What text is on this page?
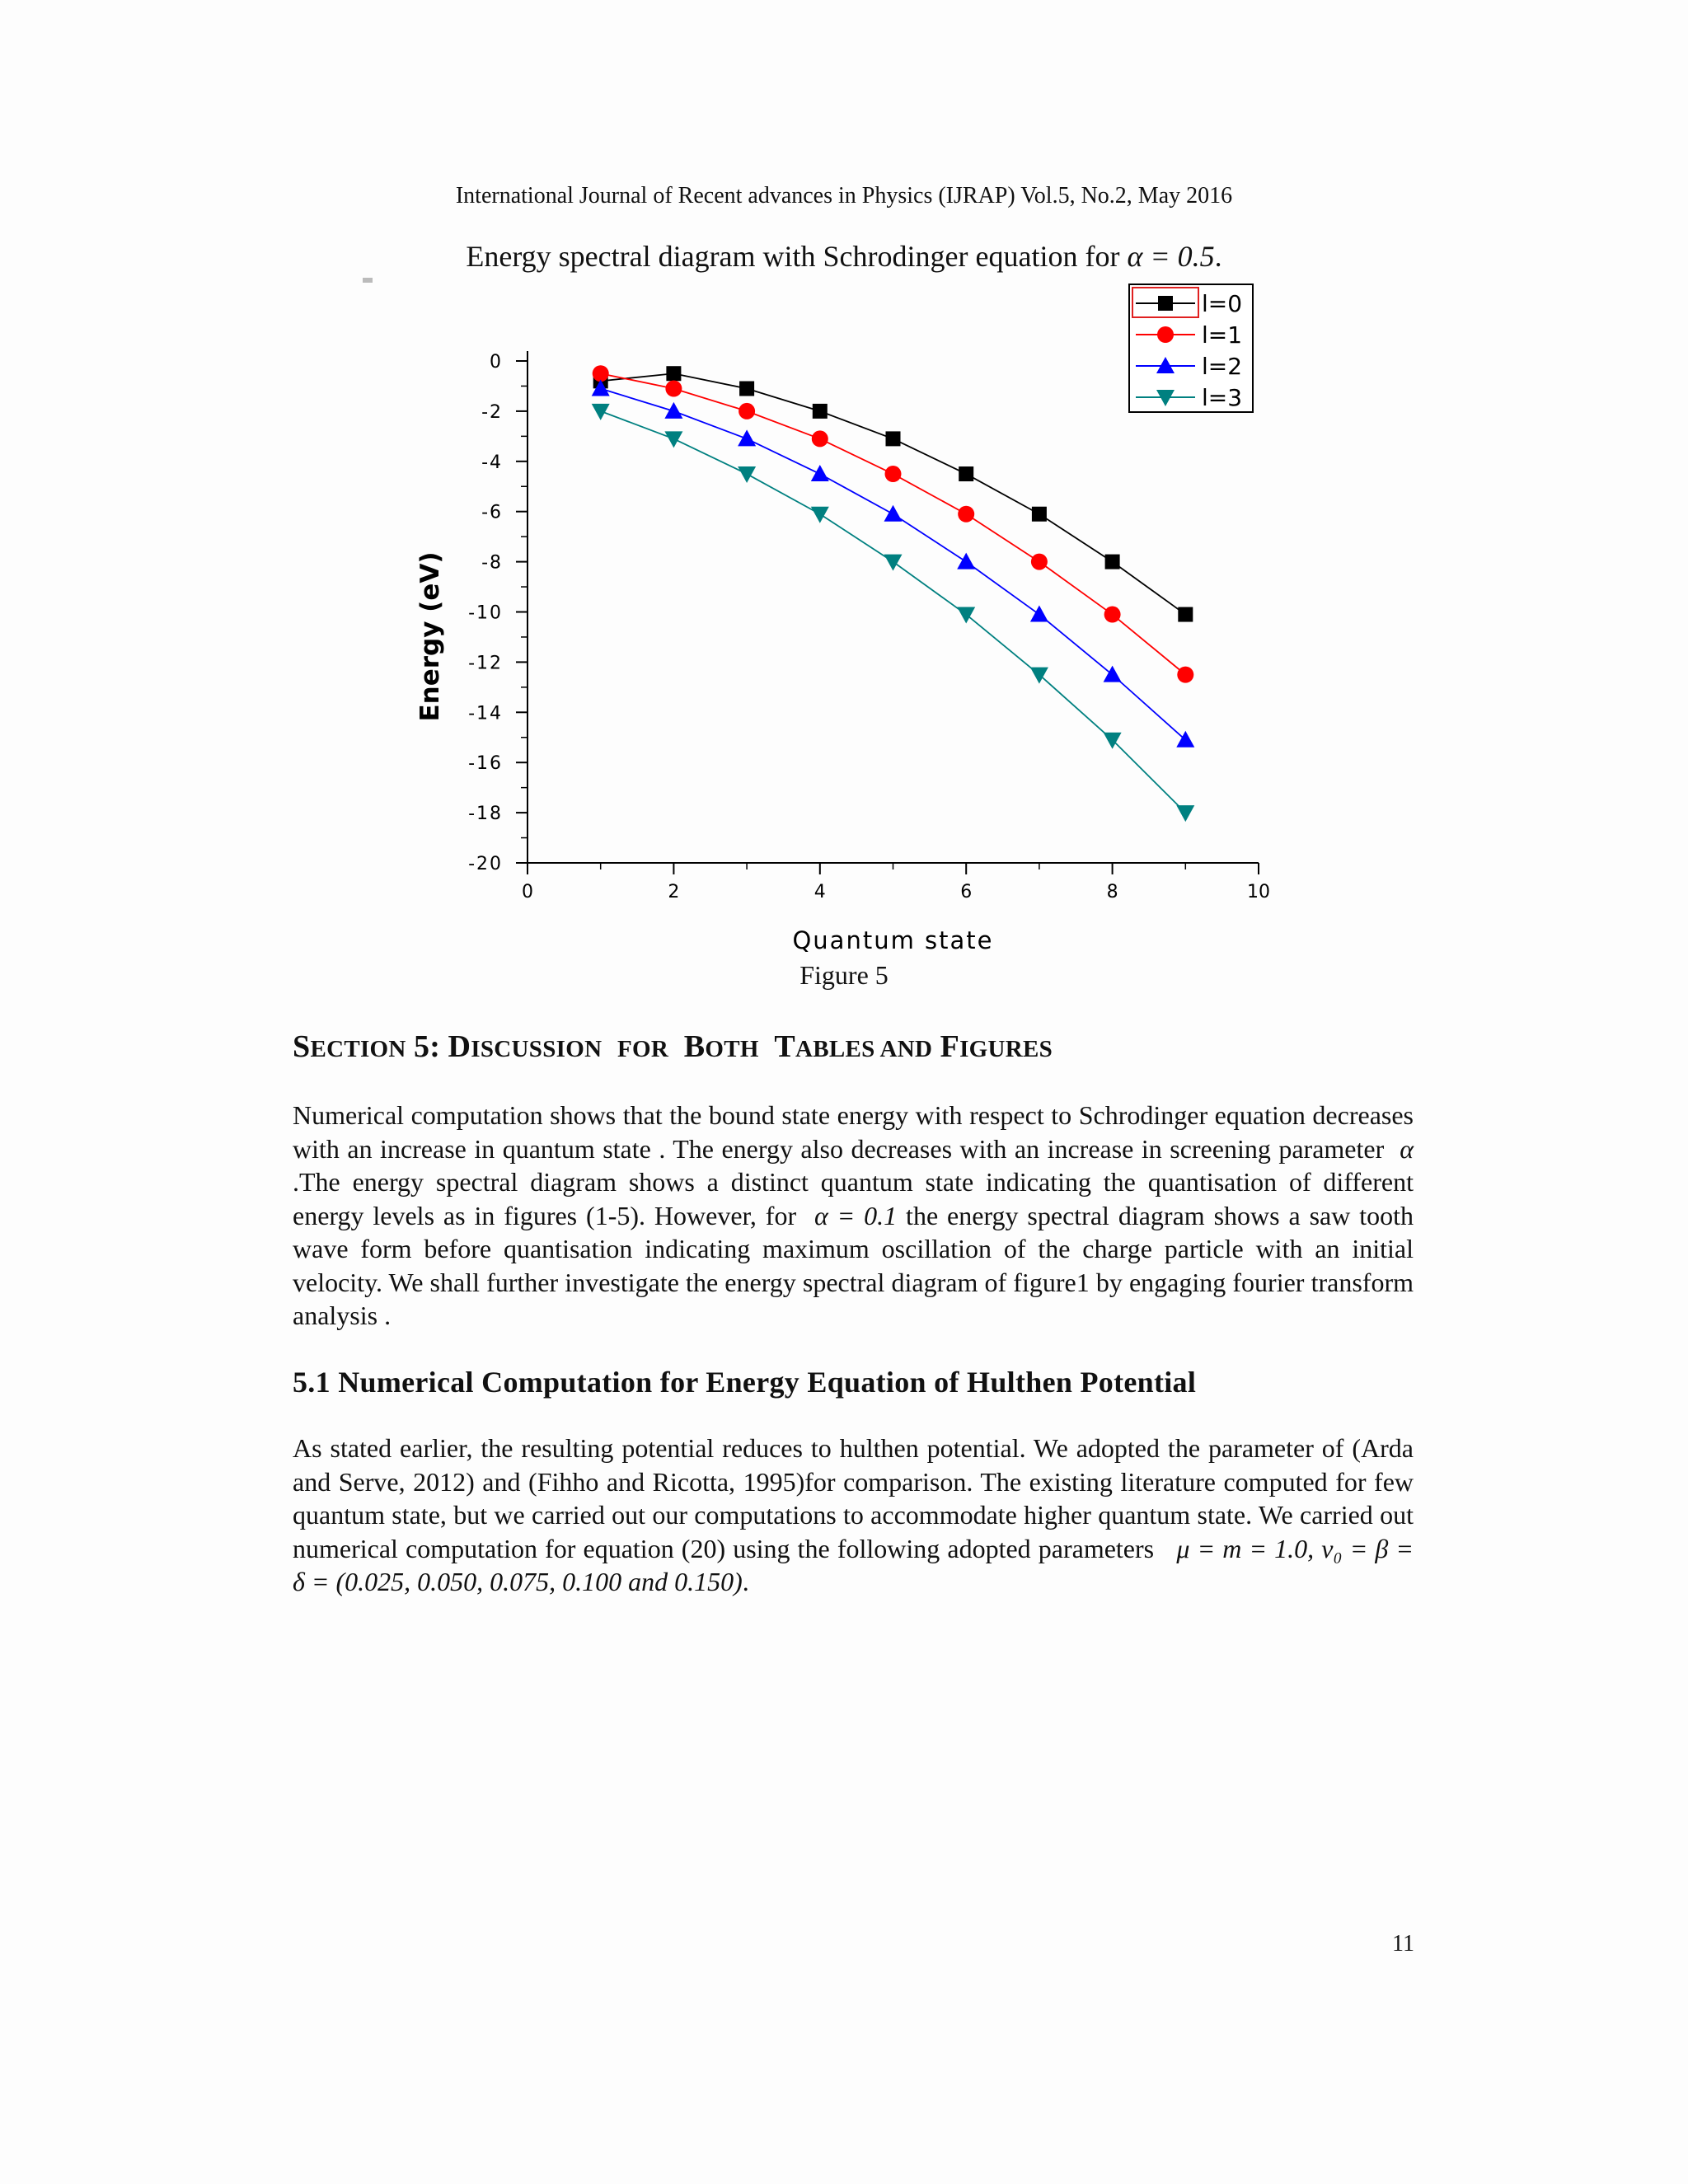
International Journal of Recent advances in Physics (IJRAP) Vol.5, No.2, May 2016
Energy spectral diagram with Schrodinger equation for α = 0.5.
0
-2
-4
-6
-8
-10
-12
-14
-16
-18
-20
0	2	4	6	8	10
Quantum state
Energy (eV)
l=0
l=1
l=2
l=3
Figure 5
SECTION 5: DISCUSSION FOR BOTH TABLES AND FIGURES
Numerical computation shows that the bound state energy with respect to Schrodinger equation decreases with an increase in quantum state . The energy also decreases with an increase in screening parameter α .The energy spectral diagram shows a distinct quantum state indicating the quantisation of different energy levels as in figures (1-5). However, for α = 0.1 the energy spectral diagram shows a saw tooth wave form before quantisation indicating maximum oscillation of the charge particle with an initial velocity. We shall further investigate the energy spectral diagram of figure1 by engaging fourier transform analysis .
5.1 Numerical Computation for Energy Equation of Hulthen Potential
As stated earlier, the resulting potential reduces to hulthen potential. We adopted the parameter of (Arda and Serve, 2012) and (Fihho and Ricotta, 1995)for comparison. The existing literature computed for few quantum state, but we carried out our computations to accommodate higher quantum state. We carried out numerical computation for equation (20) using the following adopted parameters μ = m = 1.0, v₀ = β = δ = (0.025, 0.050, 0.075, 0.100 and 0.150).
11
